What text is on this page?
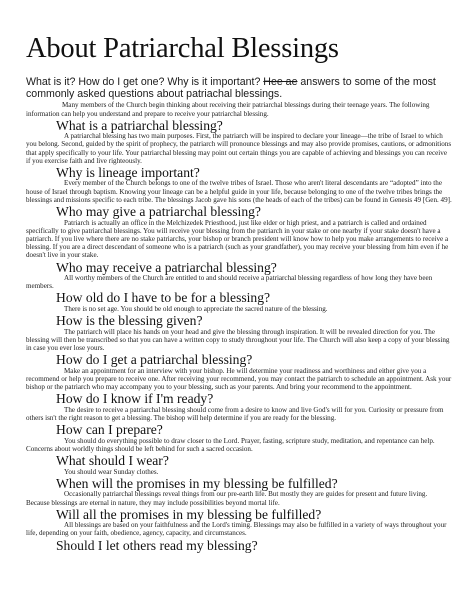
About Patriarchal Blessings
What is it? How do I get one? Why is it important? Hee ae answers to some of the most commonly asked questions about patriachal blessings.

Many members of the Church begin thinking about receiving their patriarchal blessings during their teenage years. The following information can help you understand and prepare to receive your patriarchal blessing.

What is a patriarchal blessing?

A patriarchal blessing has two main purposes. First, the patriarch will be inspired to declare your lineage—the tribe of Israel to which you belong. Second, guided by the spirit of prophecy, the patriarch will pronounce blessings and may also provide promises, cautions, or admonitions that apply specifically to your life. Your patriarchal blessing may point out certain things you are capable of achieving and blessings you can receive if you exercise faith and live righteously.

Why is lineage important?

Every member of the Church belongs to one of the twelve tribes of Israel. Those who aren't literal descendants are “adopted” into the house of Israel through baptism. Knowing your lineage can be a helpful guide in your life, because belonging to one of the twelve tribes brings the blessings and missions specific to each tribe. The blessings Jacob gave his sons (the heads of each of the tribes) can be found in Genesis 49 [Gen. 49].

Who may give a patriarchal blessing?

Patriarch is actually an office in the Melchizedek Priesthood, just like elder or high priest, and a patriarch is called and ordained specifically to give patriarchal blessings. You will receive your blessing from the patriarch in your stake or one nearby if your stake doesn't have a patriarch. If you live where there are no stake patriarchs, your bishop or branch president will know how to help you make arrangements to receive a blessing. If you are a direct descendant of someone who is a patriarch (such as your grandfather), you may receive your blessing from him even if he doesn't live in your stake.

Who may receive a patriarchal blessing?

All worthy members of the Church are entitled to and should receive a patriarchal blessing regardless of how long they have been members.

How old do I have to be for a blessing?

There is no set age. You should be old enough to appreciate the sacred nature of the blessing.

How is the blessing given?

The patriarch will place his hands on your head and give the blessing through inspiration. It will be revealed direction for you. The blessing will then be transcribed so that you can have a written copy to study throughout your life. The Church will also keep a copy of your blessing in case you ever lose yours.

How do I get a patriarchal blessing?

Make an appointment for an interview with your bishop. He will determine your readiness and worthiness and either give you a recommend or help you prepare to receive one. After receiving your recommend, you may contact the patriarch to schedule an appointment. Ask your bishop or the patriarch who may accompany you to your blessing, such as your parents. And bring your recommend to the appointment.

How do I know if I'm ready?

The desire to receive a patriarchal blessing should come from a desire to know and live God's will for you. Curiosity or pressure from others isn't the right reason to get a blessing. The bishop will help determine if you are ready for the blessing.

How can I prepare?

You should do everything possible to draw closer to the Lord. Prayer, fasting, scripture study, meditation, and repentance can help. Concerns about worldly things should be left behind for such a sacred occasion.

What should I wear?

You should wear Sunday clothes.

When will the promises in my blessing be fulfilled?

Occasionally patriarchal blessings reveal things from our pre-earth life. But mostly they are guides for present and future living. Because blessings are eternal in nature, they may include possibilities beyond mortal life.

Will all the promises in my blessing be fulfilled?

All blessings are based on your faithfulness and the Lord's timing. Blessings may also be fulfilled in a variety of ways throughout your life, depending on your faith, obedience, agency, capacity, and circumstances.

Should I let others read my blessing?
